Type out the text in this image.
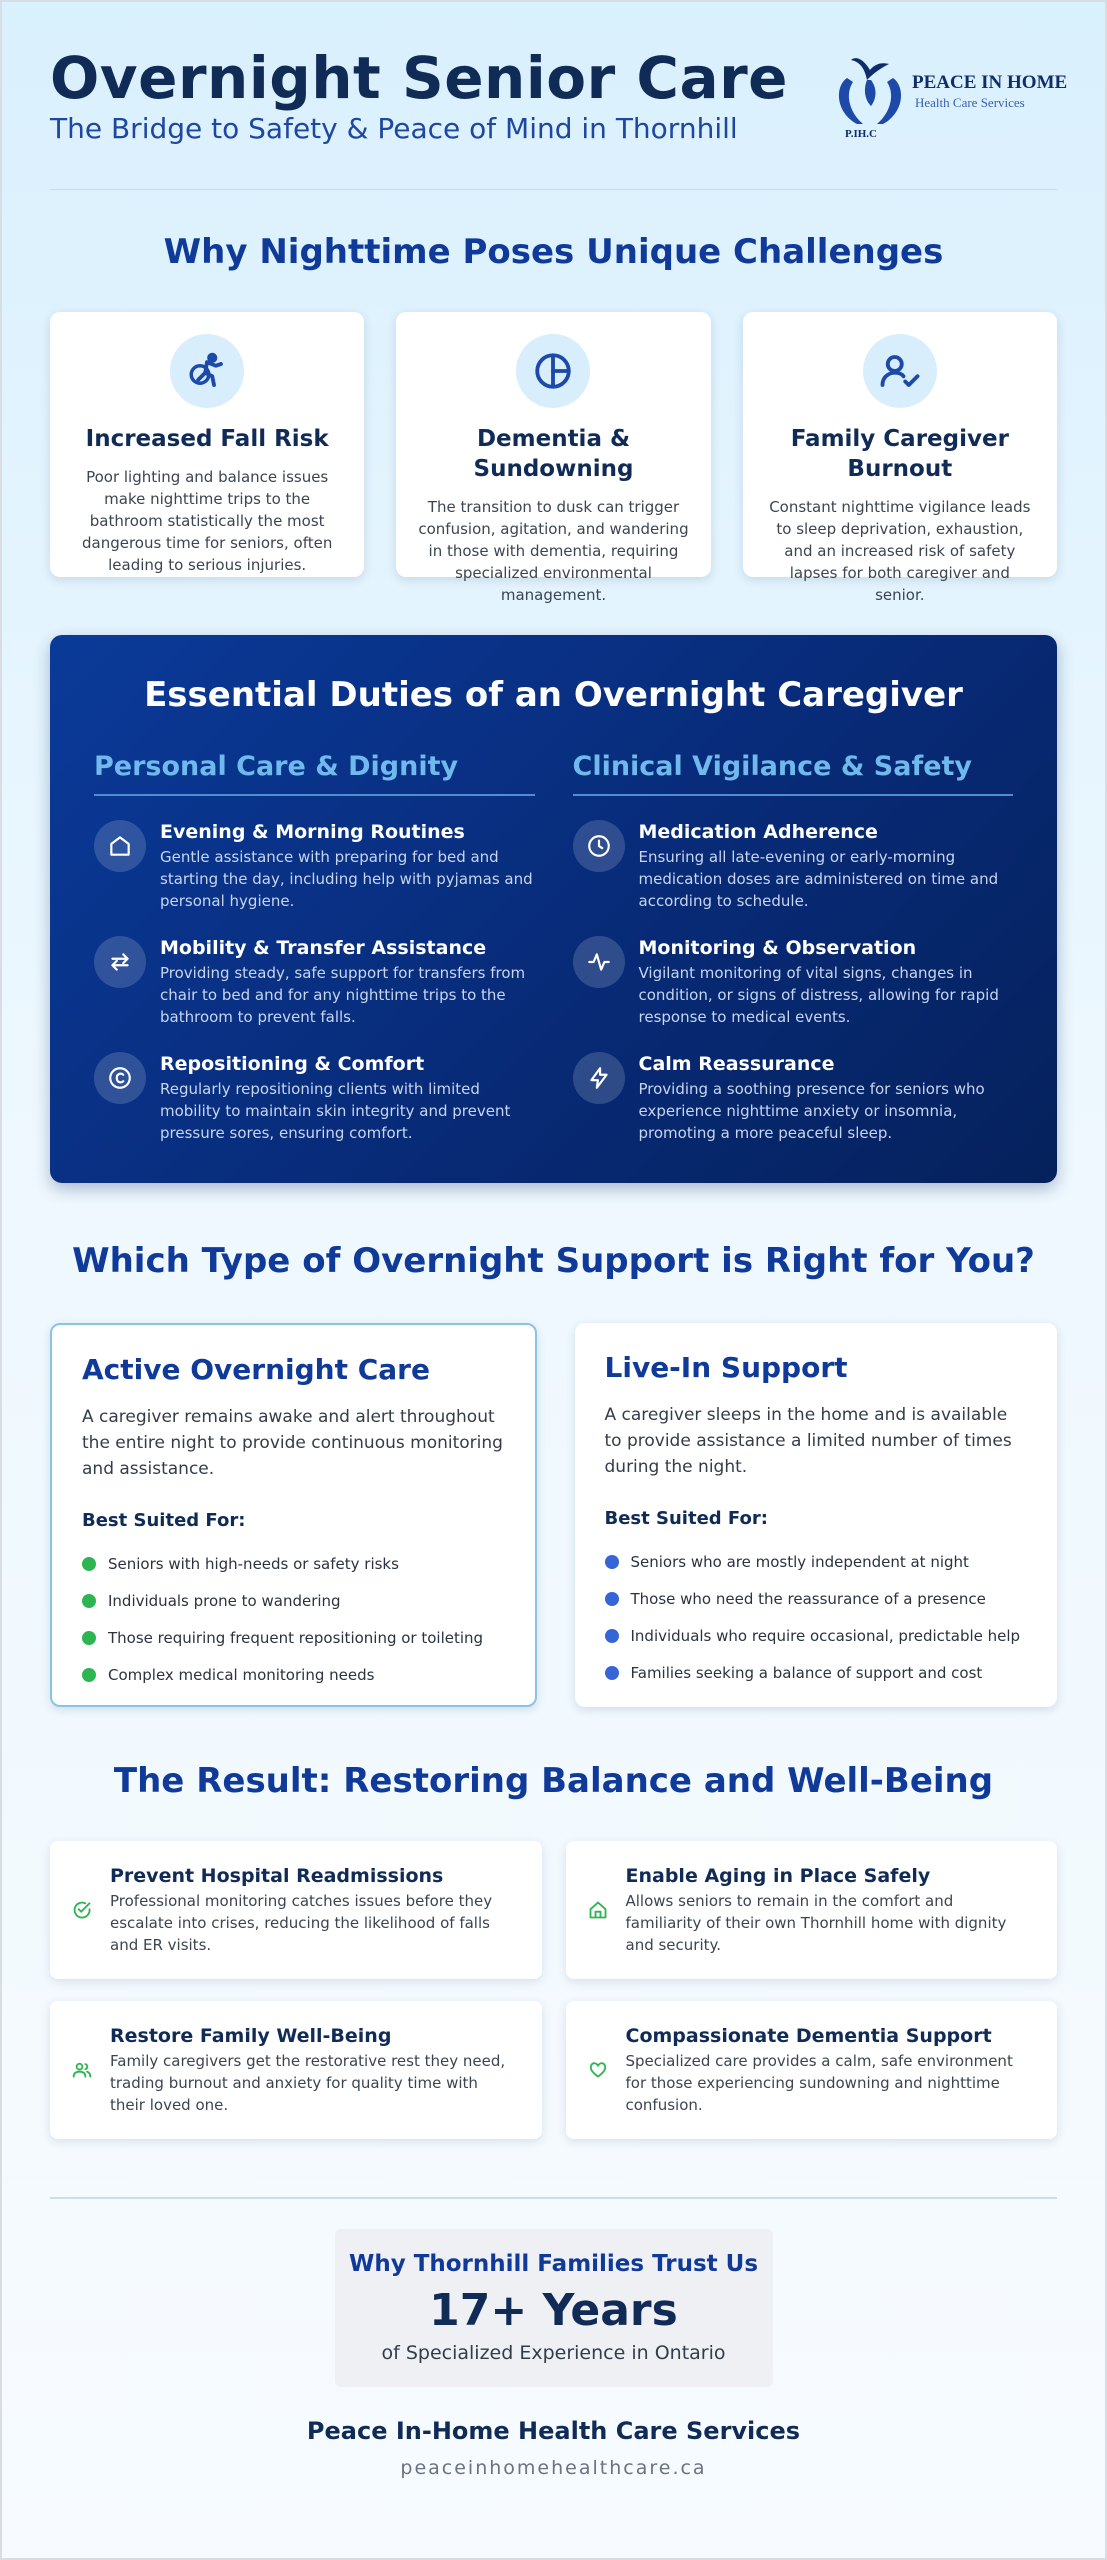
Overnight Senior Care
The Bridge to Safety & Peace of Mind in Thornhill
PEACE IN HOME
Health Care Services
P.IH.C
Why Nighttime Poses Unique Challenges
Increased Fall Risk

Poor lighting and balance issues make nighttime trips to the bathroom statistically the most dangerous time for seniors, often leading to serious injuries.

Dementia & Sundowning

The transition to dusk can trigger confusion, agitation, and wandering in those with dementia, requiring specialized environmental management.

Family Caregiver Burnout

Constant nighttime vigilance leads to sleep deprivation, exhaustion, and an increased risk of safety lapses for both caregiver and senior.

Essential Duties of an Overnight Caregiver
Personal Care & Dignity
Evening & Morning Routines

Gentle assistance with preparing for bed and starting the day, including help with pyjamas and personal hygiene.

Mobility & Transfer Assistance

Providing steady, safe support for transfers from chair to bed and for any nighttime trips to the bathroom to prevent falls.

Repositioning & Comfort

Regularly repositioning clients with limited mobility to maintain skin integrity and prevent pressure sores, ensuring comfort.

Clinical Vigilance & Safety
Medication Adherence

Ensuring all late-evening or early-morning medication doses are administered on time and according to schedule.

Monitoring & Observation

Vigilant monitoring of vital signs, changes in condition, or signs of distress, allowing for rapid response to medical events.

Calm Reassurance

Providing a soothing presence for seniors who experience nighttime anxiety or insomnia, promoting a more peaceful sleep.

Which Type of Overnight Support is Right for You?
Active Overnight Care

A caregiver remains awake and alert throughout the entire night to provide continuous monitoring and assistance.

Best Suited For:
Seniors with high-needs or safety risks
Individuals prone to wandering
Those requiring frequent repositioning or toileting
Complex medical monitoring needs
Live-In Support

A caregiver sleeps in the home and is available to provide assistance a limited number of times during the night.

Best Suited For:
Seniors who are mostly independent at night
Those who need the reassurance of a presence
Individuals who require occasional, predictable help
Families seeking a balance of support and cost
The Result: Restoring Balance and Well-Being
Prevent Hospital Readmissions

Professional monitoring catches issues before they escalate into crises, reducing the likelihood of falls and ER visits.

Enable Aging in Place Safely

Allows seniors to remain in the comfort and familiarity of their own Thornhill home with dignity and security.

Restore Family Well-Being

Family caregivers get the restorative rest they need, trading burnout and anxiety for quality time with their loved one.

Compassionate Dementia Support

Specialized care provides a calm, safe environment for those experiencing sundowning and nighttime confusion.

Why Thornhill Families Trust Us
17+ Years
of Specialized Experience in Ontario
Peace In-Home Health Care Services
peaceinhomehealthcare.ca
